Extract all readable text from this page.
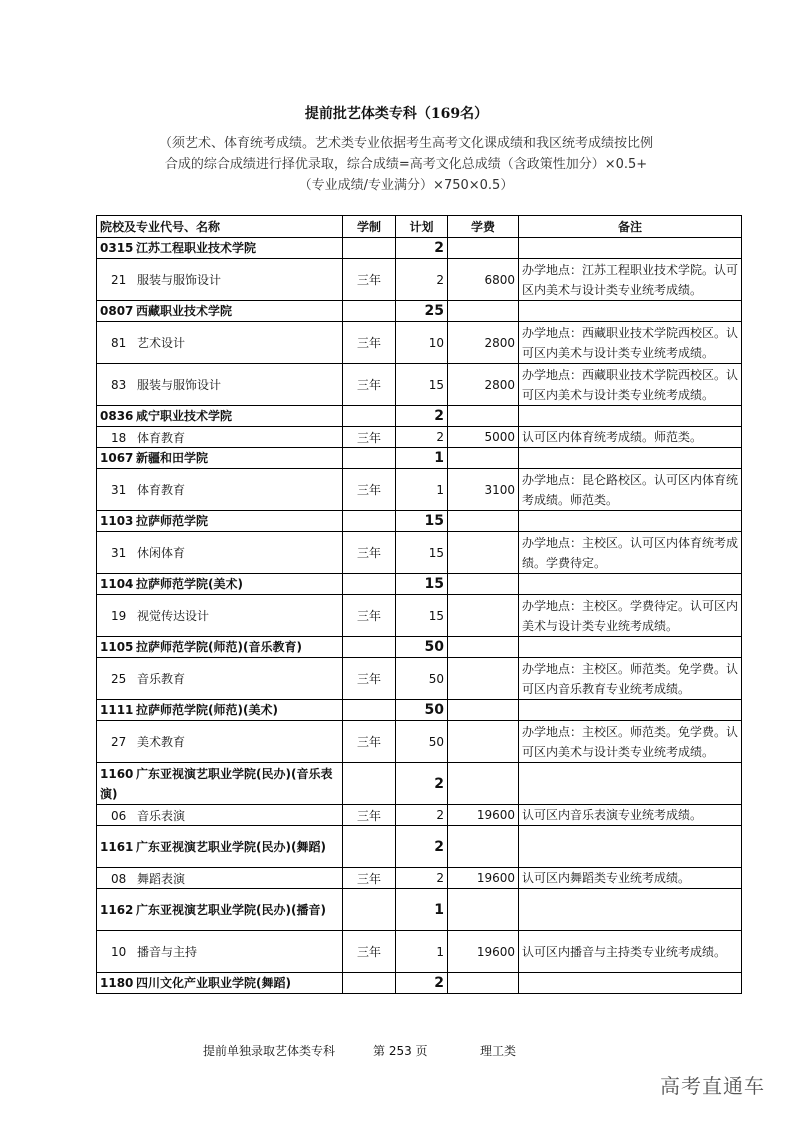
提前批艺体类专科（169名）
（须艺术、体育统考成绩。艺术类专业依据考生高考文化课成绩和我区统考成绩按比例
合成的综合成绩进行择优录取，综合成绩=高考文化总成绩（含政策性加分）×0.5+
（专业成绩/专业满分）×750×0.5）
院校及专业代号、名称	学制	计划	学费	备注
0315 江苏工程职业技术学院		2		
21 服装与服饰设计	三年	2	6800	办学地点：江苏工程职业技术学院。认可区内美术与设计类专业统考成绩。
0807 西藏职业技术学院		25		
81 艺术设计	三年	10	2800	办学地点：西藏职业技术学院西校区。认可区内美术与设计类专业统考成绩。
83 服装与服饰设计	三年	15	2800	办学地点：西藏职业技术学院西校区。认可区内美术与设计类专业统考成绩。
0836 咸宁职业技术学院		2		
18 体育教育	三年	2	5000	认可区内体育统考成绩。师范类。
1067 新疆和田学院		1		
31 体育教育	三年	1	3100	办学地点：昆仑路校区。认可区内体育统考成绩。师范类。
1103 拉萨师范学院		15		
31 休闲体育	三年	15		办学地点：主校区。认可区内体育统考成绩。学费待定。
1104 拉萨师范学院(美术)		15		
19 视觉传达设计	三年	15		办学地点：主校区。学费待定。认可区内美术与设计类专业统考成绩。
1105 拉萨师范学院(师范)(音乐教育)		50		
25 音乐教育	三年	50		办学地点：主校区。师范类。免学费。认可区内音乐教育专业统考成绩。
1111 拉萨师范学院(师范)(美术)		50		
27 美术教育	三年	50		办学地点：主校区。师范类。免学费。认可区内美术与设计类专业统考成绩。
1160 广东亚视演艺职业学院(民办)(音乐表演)		2		
06 音乐表演	三年	2	19600	认可区内音乐表演专业统考成绩。
1161 广东亚视演艺职业学院(民办)(舞蹈)		2		
08 舞蹈表演	三年	2	19600	认可区内舞蹈类专业统考成绩。
1162 广东亚视演艺职业学院(民办)(播音)		1		
10 播音与主持	三年	1	19600	认可区内播音与主持类专业统考成绩。
1180 四川文化产业职业学院(舞蹈)		2		
提前单独录取艺体类专科	第 253 页	理工类
高考直通车
